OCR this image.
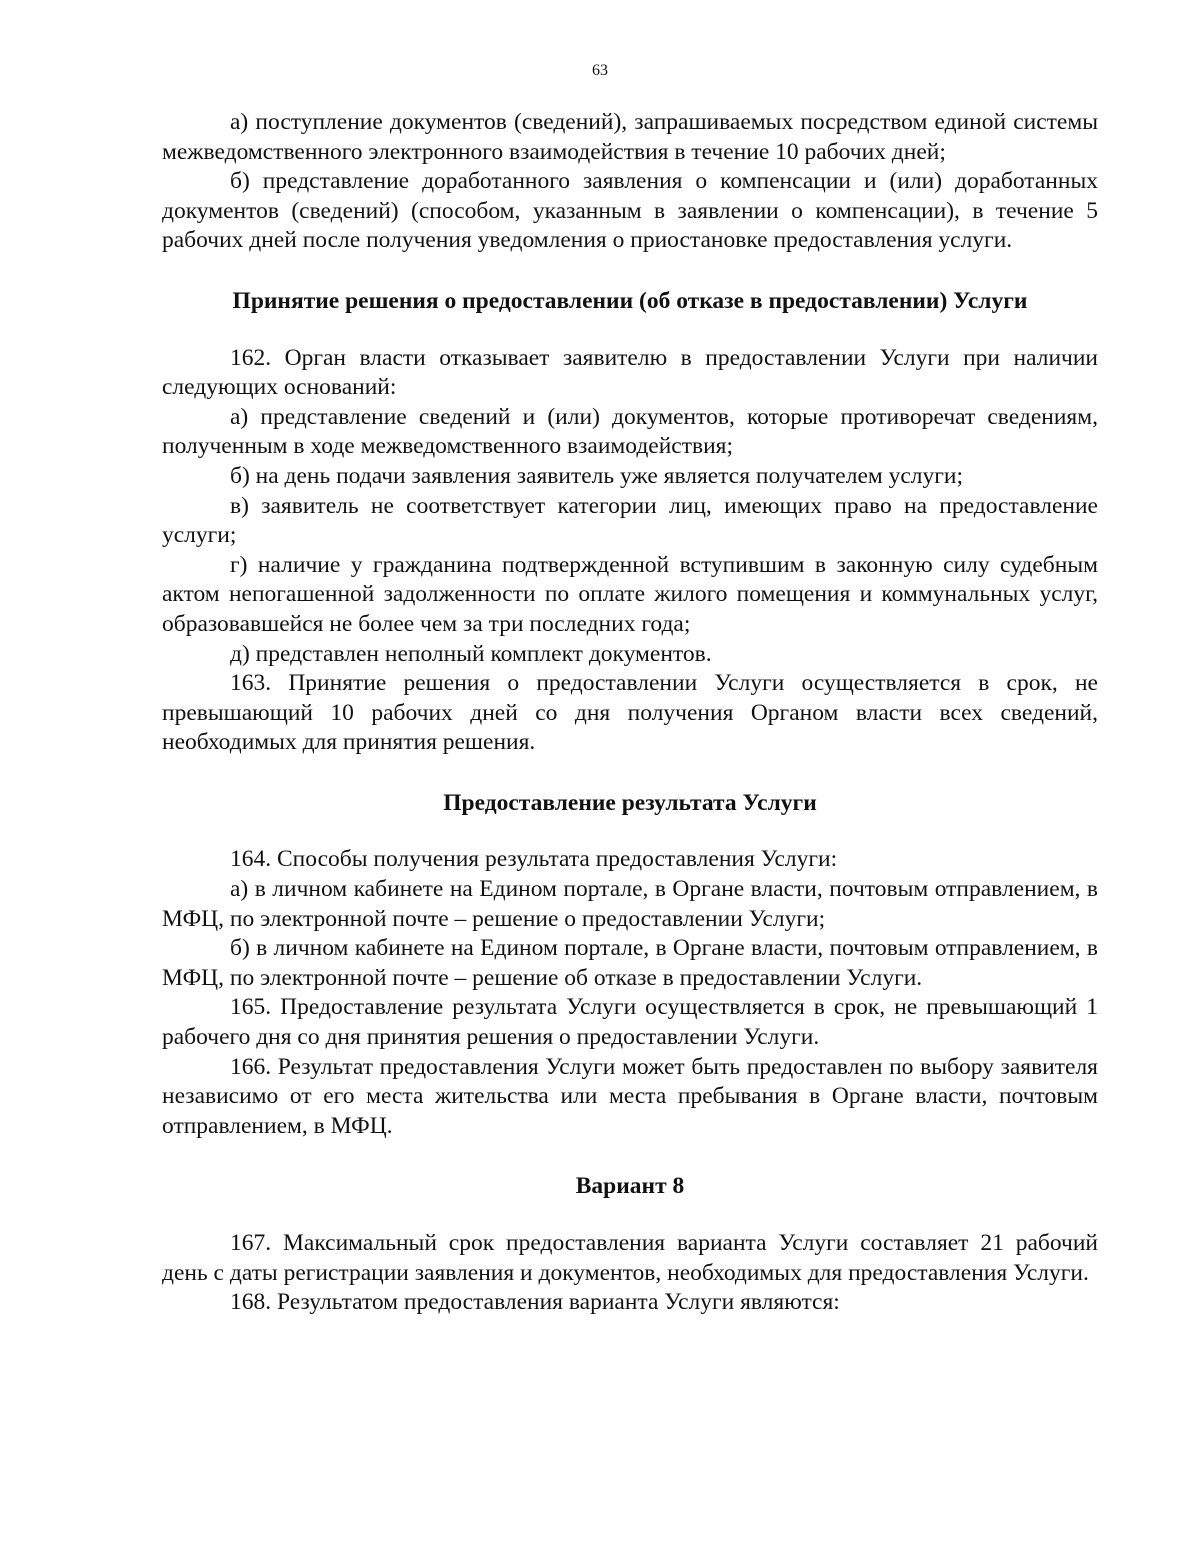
63

а) поступление документов (сведений), запрашиваемых посредством единой системы межведомственного электронного взаимодействия в течение 10 рабочих дней;

б) представление доработанного заявления о компенсации и (или) доработанных документов (сведений) (способом, указанным в заявлении о компенсации), в течение 5 рабочих дней после получения уведомления о приостановке предоставления услуги.

Принятие решения о предоставлении (об отказе в предоставлении) Услуги

162. Орган власти отказывает заявителю в предоставлении Услуги при наличии следующих оснований:

а) представление сведений и (или) документов, которые противоречат сведениям, полученным в ходе межведомственного взаимодействия;

б) на день подачи заявления заявитель уже является получателем услуги;

в) заявитель не соответствует категории лиц, имеющих право на предоставление услуги;

г) наличие у гражданина подтвержденной вступившим в законную силу судебным актом непогашенной задолженности по оплате жилого помещения и коммунальных услуг, образовавшейся не более чем за три последних года;

д) представлен неполный комплект документов.

163. Принятие решения о предоставлении Услуги осуществляется в срок, не превышающий 10 рабочих дней со дня получения Органом власти всех сведений, необходимых для принятия решения.

Предоставление результата Услуги

164. Способы получения результата предоставления Услуги:

а) в личном кабинете на Едином портале, в Органе власти, почтовым отправлением, в МФЦ, по электронной почте – решение о предоставлении Услуги;

б) в личном кабинете на Едином портале, в Органе власти, почтовым отправлением, в МФЦ, по электронной почте – решение об отказе в предоставлении Услуги.

165. Предоставление результата Услуги осуществляется в срок, не превышающий 1 рабочего дня со дня принятия решения о предоставлении Услуги.

166. Результат предоставления Услуги может быть предоставлен по выбору заявителя независимо от его места жительства или места пребывания в Органе власти, почтовым отправлением, в МФЦ.

Вариант 8

167. Максимальный срок предоставления варианта Услуги составляет 21 рабочий день с даты регистрации заявления и документов, необходимых для предоставления Услуги.

168. Результатом предоставления варианта Услуги являются:
